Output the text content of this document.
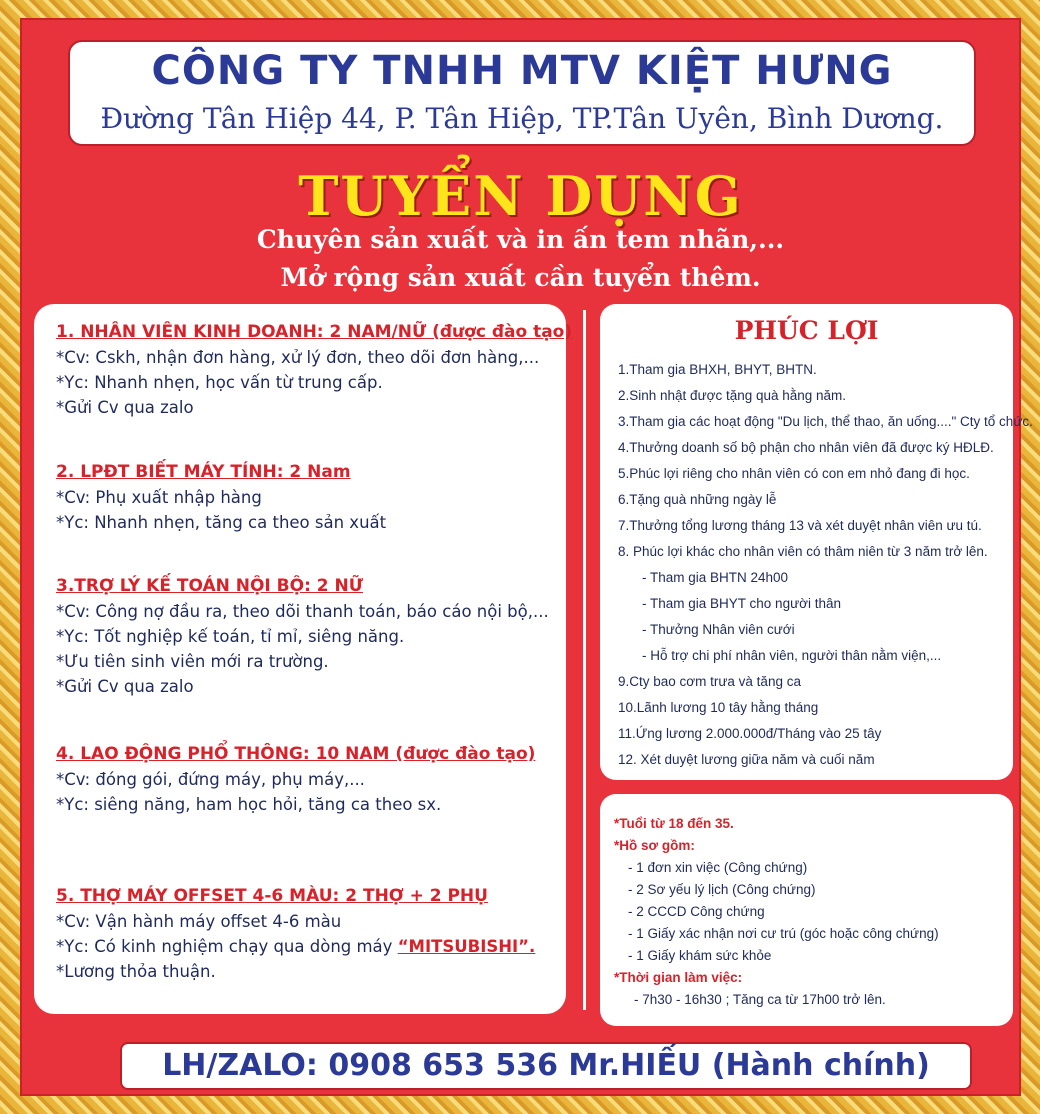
CÔNG TY TNHH MTV KIỆT HƯNG
Đường Tân Hiệp 44, P. Tân Hiệp, TP.Tân Uyên, Bình Dương.
TUYỂN DỤNG
Chuyên sản xuất và in ấn tem nhãn,...
Mở rộng sản xuất cần tuyển thêm.
1. NHÂN VIÊN KINH DOANH: 2 NAM/NỮ (được đào tạo)
*Cv: Cskh, nhận đơn hàng, xử lý đơn, theo dõi đơn hàng,...
*Yc: Nhanh nhẹn, học vấn từ trung cấp.
*Gửi Cv qua zalo
2. LPĐT BIẾT MÁY TÍNH: 2 Nam
*Cv: Phụ xuất nhập hàng
*Yc: Nhanh nhẹn, tăng ca theo sản xuất
3.TRỢ LÝ KẾ TOÁN NỘI BỘ: 2 NỮ
*Cv: Công nợ đầu ra, theo dõi thanh toán, báo cáo nội bộ,...
*Yc: Tốt nghiệp kế toán, tỉ mỉ, siêng năng.
*Ưu tiên sinh viên mới ra trường.
*Gửi Cv qua zalo
4. LAO ĐỘNG PHỔ THÔNG: 10 NAM (được đào tạo)
*Cv: đóng gói, đứng máy, phụ máy,...
*Yc: siêng năng, ham học hỏi, tăng ca theo sx.
5. THỢ MÁY OFFSET 4-6 MÀU: 2 THỢ + 2 PHỤ
*Cv: Vận hành máy offset 4-6 màu
*Yc: Có kinh nghiệm chạy qua dòng máy “MITSUBISHI”.
*Lương thỏa thuận.
PHÚC LỢI
1.Tham gia BHXH, BHYT, BHTN.
2.Sinh nhật được tặng quà hằng năm.
3.Tham gia các hoạt động "Du lịch, thể thao, ăn uống...." Cty tổ chức.
4.Thưởng doanh số bộ phận cho nhân viên đã được ký HĐLĐ.
5.Phúc lợi riêng cho nhân viên có con em nhỏ đang đi học.
6.Tặng quà những ngày lễ
7.Thưởng tổng lương tháng 13 và xét duyệt nhân viên ưu tú.
8. Phúc lợi khác cho nhân viên có thâm niên từ 3 năm trở lên.
- Tham gia BHTN 24h00
- Tham gia BHYT cho người thân
- Thưởng Nhân viên cưới
- Hỗ trợ chi phí nhân viên, người thân nằm viện,...
9.Cty bao cơm trưa và tăng ca
10.Lãnh lương 10 tây hằng tháng
11.Ứng lương 2.000.000đ/Tháng vào 25 tây
12. Xét duyệt lương giữa năm và cuối năm
*Tuổi từ 18 đến 35.
*Hồ sơ gồm:
- 1 đơn xin việc (Công chứng)
- 2 Sơ yếu lý lịch (Công chứng)
- 2 CCCD Công chứng
- 1 Giấy xác nhận nơi cư trú (góc hoặc công chứng)
- 1 Giấy khám sức khỏe
*Thời gian làm việc:
- 7h30 - 16h30 ; Tăng ca từ 17h00 trở lên.
LH/ZALO: 0908 653 536 Mr.HIẾU (Hành chính)
